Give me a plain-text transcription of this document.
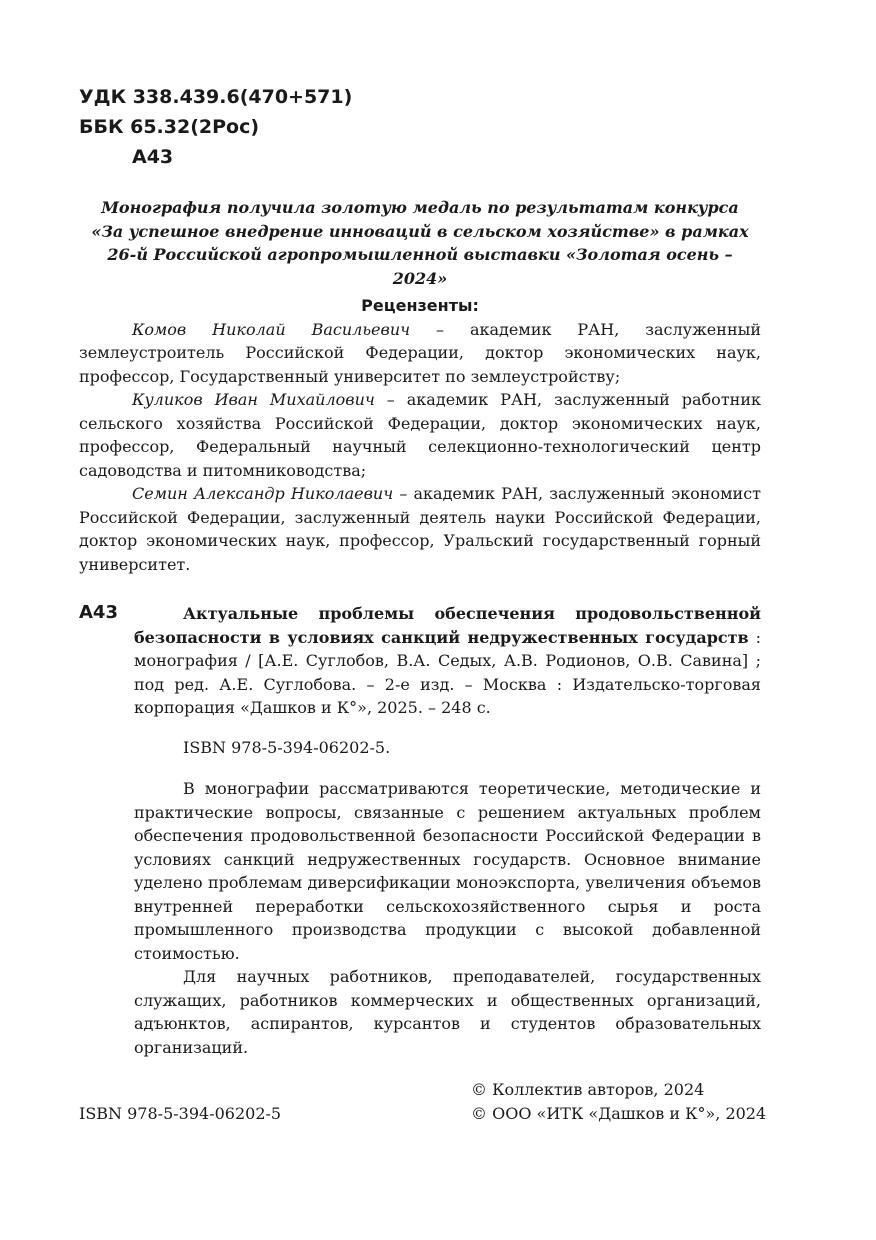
УДК 338.439.6(470+571)
ББК 65.32(2Рос)
А43
Монография получила золотую медаль по результатам конкурса
«За успешное внедрение инноваций в сельском хозяйстве» в рамках
26-й Российской агропромышленной выставки «Золотая осень – 2024»
Рецензенты:

Комов Николай Васильевич – академик РАН, заслуженный землеустроитель Российской Федерации, доктор экономических наук, профессор, Государственный университет по землеустройству;

Куликов Иван Михайлович – академик РАН, заслуженный работник сельского хозяйства Российской Федерации, доктор экономических наук, профессор, Федеральный научный селекционно-технологический центр садоводства и питомниководства;

Семин Александр Николаевич – академик РАН, заслуженный экономист Российской Федерации, заслуженный деятель науки Российской Федерации, доктор экономических наук, профессор, Уральский государственный горный университет.

А43	Актуальные проблемы обеспечения продовольственной безопасности в условиях санкций недружественных государств : монография / [А.Е. Суглобов, В.А. Седых, А.В. Родионов, О.В. Савина] ; под ред. А.Е. Суглобова. – 2-е изд. – Москва : Издательско-торговая корпорация «Дашков и К°», 2025. – 248 с.

ISBN 978-5-394-06202-5.

В монографии рассматриваются теоретические, методические и практические вопросы, связанные с решением актуальных проблем обеспечения продовольственной безопасности Российской Федерации в условиях санкций недружественных государств. Основное внимание уделено проблемам диверсификации моноэкспорта, увеличения объемов внутренней переработки сельскохозяйственного сырья и роста промышленного производства продукции с высокой добавленной стоимостью.

Для научных работников, преподавателей, государственных служащих, работников коммерческих и общественных организаций, адъюнктов, аспирантов, курсантов и студентов образовательных организаций.

© Коллектив авторов, 2024
© ООО «ИТК «Дашков и К°», 2024
ISBN 978-5-394-06202-5
